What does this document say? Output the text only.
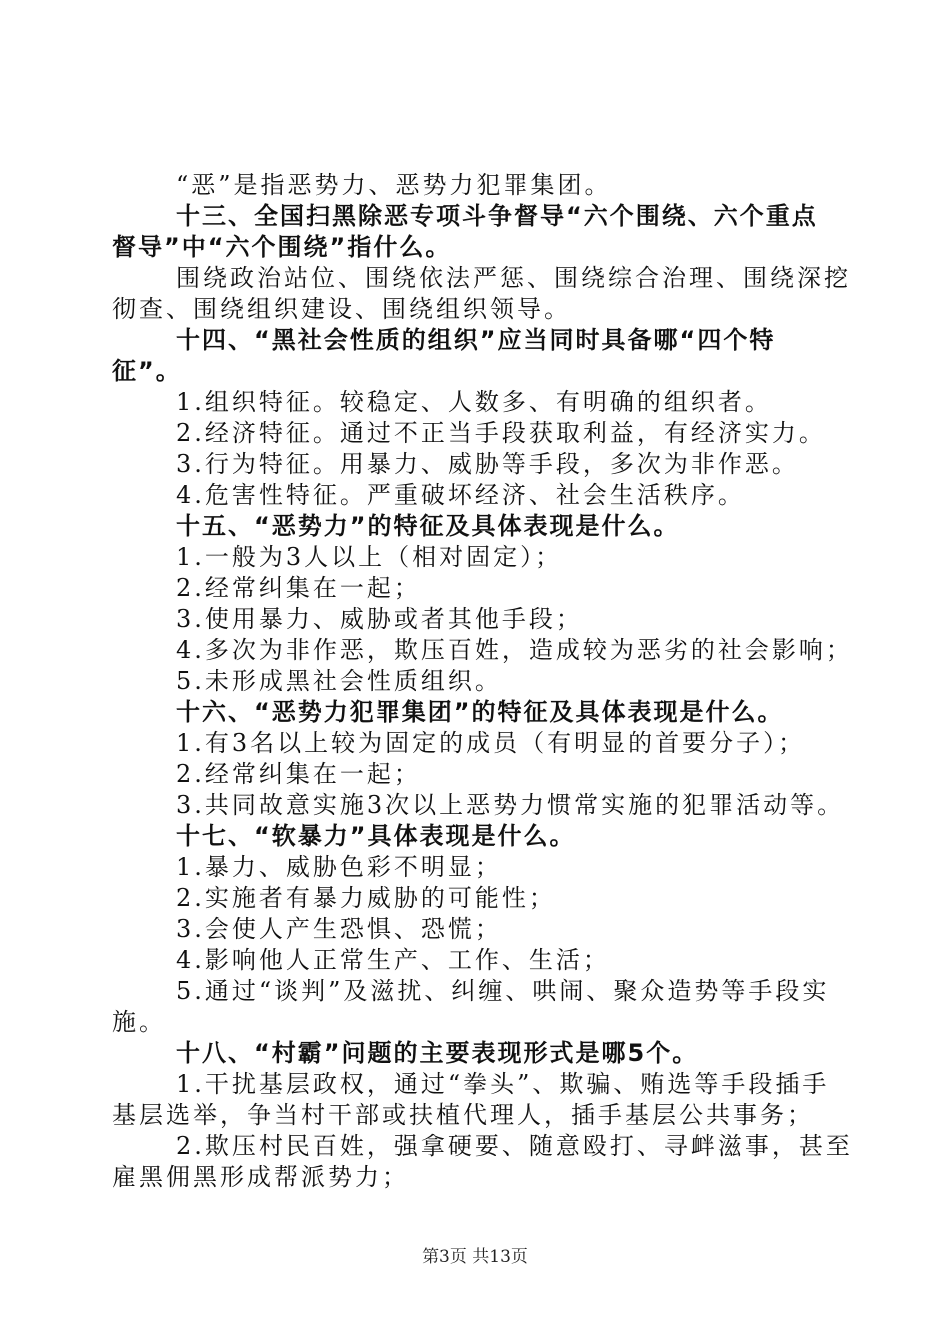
“恶”是指恶势力、恶势力犯罪集团。
十三、全国扫黑除恶专项斗争督导“六个围绕、六个重点
督导”中“六个围绕”指什么。
围绕政治站位、围绕依法严惩、围绕综合治理、围绕深挖
彻查、围绕组织建设、围绕组织领导。
十四、“黑社会性质的组织”应当同时具备哪“四个特
征”。
1.组织特征。较稳定、人数多、有明确的组织者。
2.经济特征。通过不正当手段获取利益，有经济实力。
3.行为特征。用暴力、威胁等手段，多次为非作恶。
4.危害性特征。严重破坏经济、社会生活秩序。
十五、“恶势力”的特征及具体表现是什么。
1.一般为3人以上（相对固定）；
2.经常纠集在一起；
3.使用暴力、威胁或者其他手段；
4.多次为非作恶，欺压百姓，造成较为恶劣的社会影响；
5.未形成黑社会性质组织。
十六、“恶势力犯罪集团”的特征及具体表现是什么。
1.有3名以上较为固定的成员（有明显的首要分子）；
2.经常纠集在一起；
3.共同故意实施3次以上恶势力惯常实施的犯罪活动等。
十七、“软暴力”具体表现是什么。
1.暴力、威胁色彩不明显；
2.实施者有暴力威胁的可能性；
3.会使人产生恐惧、恐慌；
4.影响他人正常生产、工作、生活；
5.通过“谈判”及滋扰、纠缠、哄闹、聚众造势等手段实
施。
十八、“村霸”问题的主要表现形式是哪5个。
1.干扰基层政权，通过“拳头”、欺骗、贿选等手段插手
基层选举，争当村干部或扶植代理人，插手基层公共事务；
2.欺压村民百姓，强拿硬要、随意殴打、寻衅滋事，甚至
雇黑佣黑形成帮派势力；
第3页 共13页
